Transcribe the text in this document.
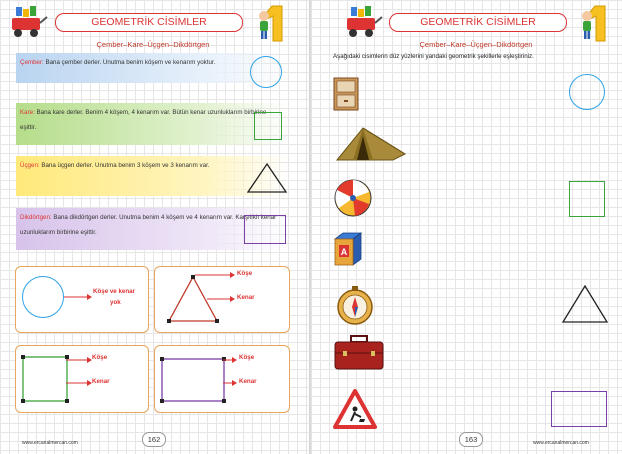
GEOMETRİK CİSİMLER
Çember–Kare–Üçgen–Dikdörtgen
Çember: Bana çember derler. Unutma benim köşem ve kenarım yoktur.
Kare: Bana kare derler. Benim 4 köşem, 4 kenarım var. Bütün kenar uzunluklarım birbirine eşittir.
Üçgen: Bana üçgen derler. Unutma benim 3 köşem ve 3 kenarım var.
Dikdörtgen: Bana dikdörtgen derler. Unutma benim 4 köşem ve 4 kenarım var. Karşılıklı kenar uzunluklarım birbirine eşittir.
Köşe ve kenar
yok
Köşe
Kenar
Köşe
Kenar
Köşe
Kenar
www.ercanalmercan.com	162
GEOMETRİK CİSİMLER
Çember–Kare–Üçgen–Dikdörtgen
Aşağıdaki cisimlerin düz yüzlerini yandaki geometrik şekillerle eşleştiriniz.
A
163	www.ercanalmercan.com
